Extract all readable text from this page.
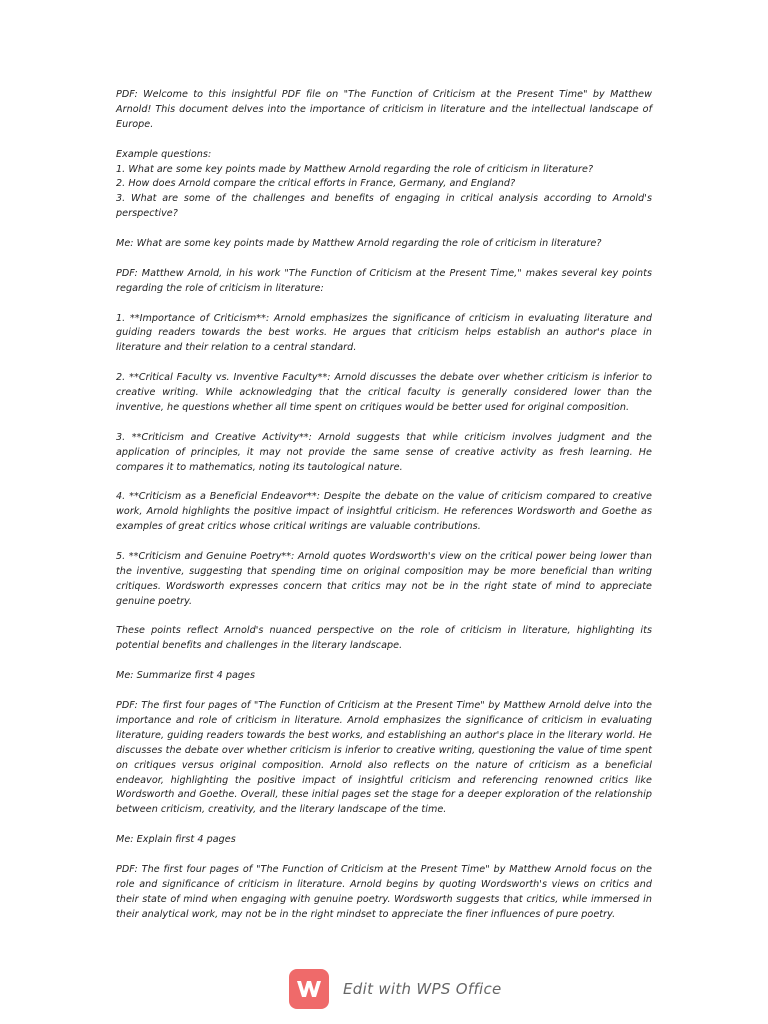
PDF: Welcome to this insightful PDF file on "The Function of Criticism at the Present Time" by Matthew Arnold! This document delves into the importance of criticism in literature and the intellectual landscape of Europe.

Example questions:

1. What are some key points made by Matthew Arnold regarding the role of criticism in literature?

2. How does Arnold compare the critical efforts in France, Germany, and England?

3. What are some of the challenges and benefits of engaging in critical analysis according to Arnold's perspective?

Me: What are some key points made by Matthew Arnold regarding the role of criticism in literature?

PDF: Matthew Arnold, in his work "The Function of Criticism at the Present Time," makes several key points regarding the role of criticism in literature:

1. **Importance of Criticism**: Arnold emphasizes the significance of criticism in evaluating literature and guiding readers towards the best works. He argues that criticism helps establish an author's place in literature and their relation to a central standard.

2. **Critical Faculty vs. Inventive Faculty**: Arnold discusses the debate over whether criticism is inferior to creative writing. While acknowledging that the critical faculty is generally considered lower than the inventive, he questions whether all time spent on critiques would be better used for original composition.

3. **Criticism and Creative Activity**: Arnold suggests that while criticism involves judgment and the application of principles, it may not provide the same sense of creative activity as fresh learning. He compares it to mathematics, noting its tautological nature.

4. **Criticism as a Beneficial Endeavor**: Despite the debate on the value of criticism compared to creative work, Arnold highlights the positive impact of insightful criticism. He references Wordsworth and Goethe as examples of great critics whose critical writings are valuable contributions.

5. **Criticism and Genuine Poetry**: Arnold quotes Wordsworth's view on the critical power being lower than the inventive, suggesting that spending time on original composition may be more beneficial than writing critiques. Wordsworth expresses concern that critics may not be in the right state of mind to appreciate genuine poetry.

These points reflect Arnold's nuanced perspective on the role of criticism in literature, highlighting its potential benefits and challenges in the literary landscape.

Me: Summarize first 4 pages

PDF: The first four pages of "The Function of Criticism at the Present Time" by Matthew Arnold delve into the importance and role of criticism in literature. Arnold emphasizes the significance of criticism in evaluating literature, guiding readers towards the best works, and establishing an author's place in the literary world. He discusses the debate over whether criticism is inferior to creative writing, questioning the value of time spent on critiques versus original composition. Arnold also reflects on the nature of criticism as a beneficial endeavor, highlighting the positive impact of insightful criticism and referencing renowned critics like Wordsworth and Goethe. Overall, these initial pages set the stage for a deeper exploration of the relationship between criticism, creativity, and the literary landscape of the time.

Me: Explain first 4 pages

PDF: The first four pages of "The Function of Criticism at the Present Time" by Matthew Arnold focus on the role and significance of criticism in literature. Arnold begins by quoting Wordsworth's views on critics and their state of mind when engaging with genuine poetry. Wordsworth suggests that critics, while immersed in their analytical work, may not be in the right mindset to appreciate the finer influences of pure poetry.

Edit with WPS Office
